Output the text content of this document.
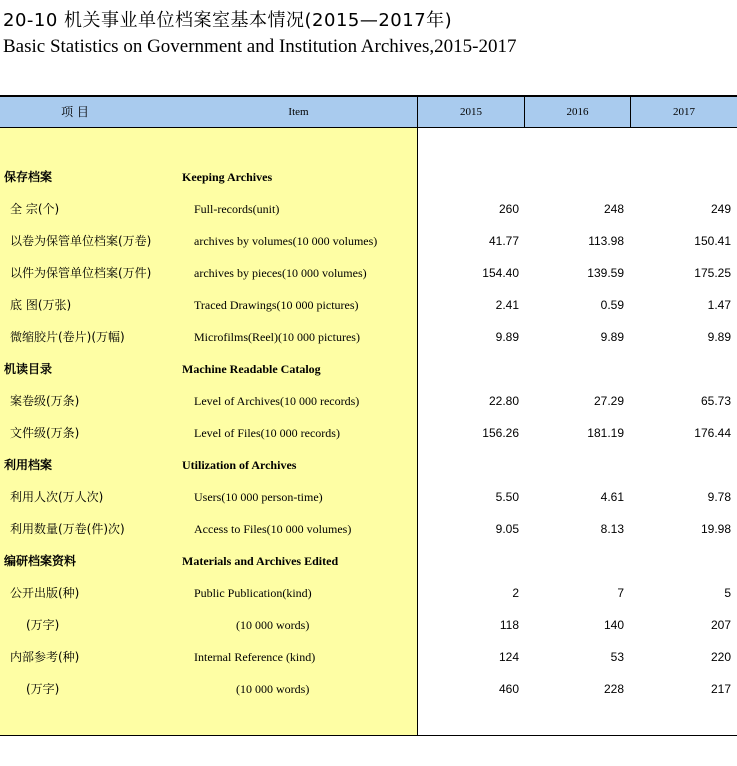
20-10 机关事业单位档案室基本情况(2015—2017年)
Basic Statistics on Government and Institution Archives,2015-2017
项 目	Item	2015	2016	2017
保存档案	Keeping Archives
全 宗(个)	Full-records(unit)	260	248	249
以卷为保管单位档案(万卷)	archives by volumes(10 000 volumes)	41.77	113.98	150.41
以件为保管单位档案(万件)	archives by pieces(10 000 volumes)	154.40	139.59	175.25
底 图(万张)	Traced Drawings(10 000 pictures)	2.41	0.59	1.47
微缩胶片(卷片)(万幅)	Microfilms(Reel)(10 000 pictures)	9.89	9.89	9.89
机读目录	Machine Readable Catalog
案卷级(万条)	Level of Archives(10 000 records)	22.80	27.29	65.73
文件级(万条)	Level of Files(10 000 records)	156.26	181.19	176.44
利用档案	Utilization of Archives
利用人次(万人次)	Users(10 000 person-time)	5.50	4.61	9.78
利用数量(万卷(件)次)	Access to Files(10 000 volumes)	9.05	8.13	19.98
编研档案资料	Materials and Archives Edited
公开出版(种)	Public Publication(kind)	2	7	5
(万字)	(10 000 words)	118	140	207
内部参考(种)	Internal Reference (kind)	124	53	220
(万字)	(10 000 words)	460	228	217
